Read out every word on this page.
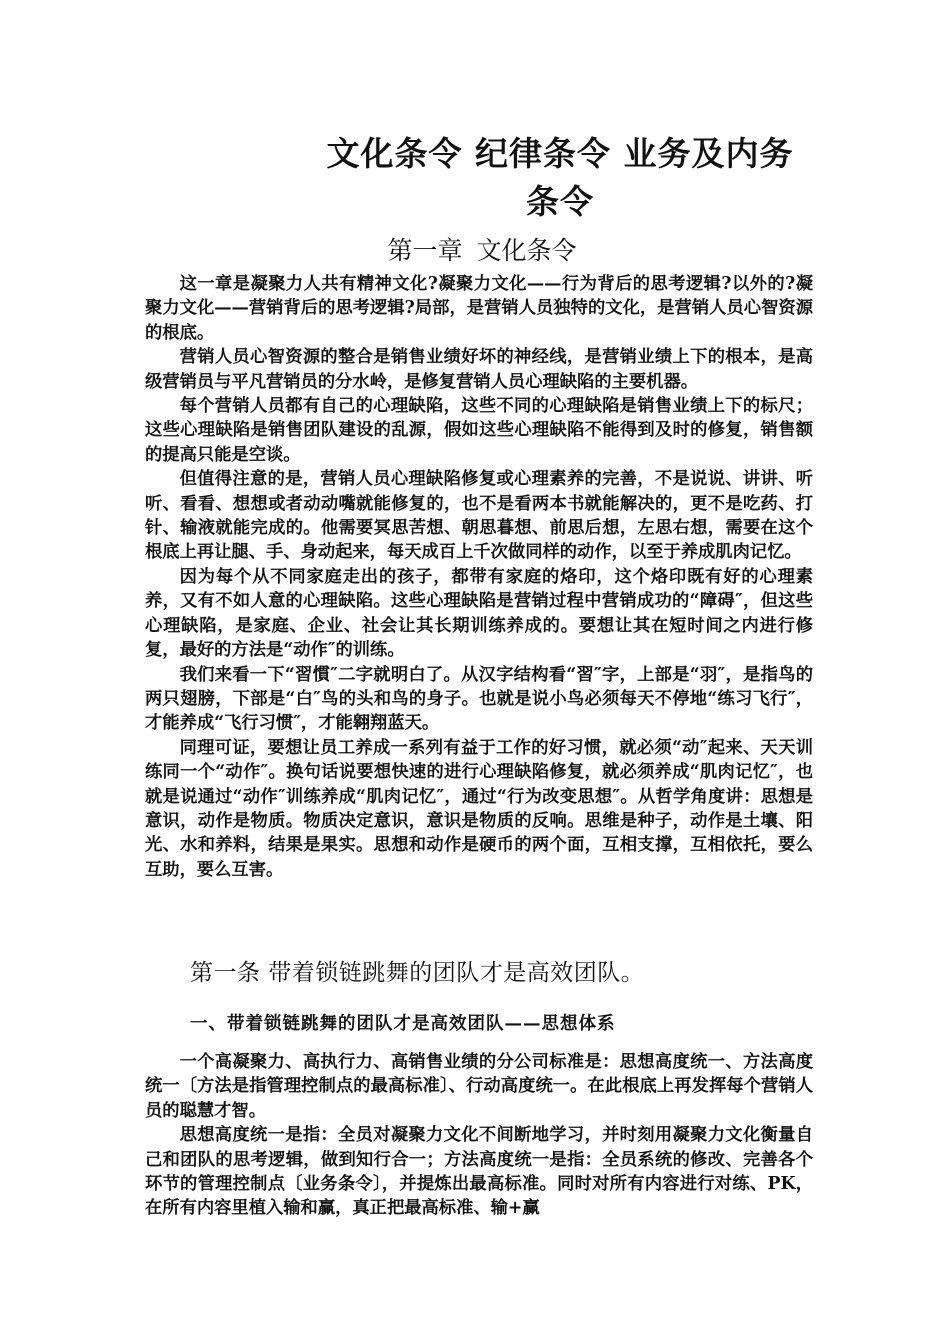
文化条令 纪律条令 业务及内务条令
第一章 文化条令

这一章是凝聚力人共有精神文化?凝聚力文化——行为背后的思考逻辑?以外的?凝聚力文化——营销背后的思考逻辑?局部，是营销人员独特的文化，是营销人员心智资源的根底。

营销人员心智资源的整合是销售业绩好坏的神经线，是营销业绩上下的根本，是高级营销员与平凡营销员的分水岭，是修复营销人员心理缺陷的主要机器。

每个营销人员都有自己的心理缺陷，这些不同的心理缺陷是销售业绩上下的标尺；这些心理缺陷是销售团队建设的乱源，假如这些心理缺陷不能得到及时的修复，销售额的提高只能是空谈。

但值得注意的是，营销人员心理缺陷修复或心理素养的完善，不是说说、讲讲、听听、看看、想想或者动动嘴就能修复的，也不是看两本书就能解决的，更不是吃药、打针、输液就能完成的。他需要冥思苦想、朝思暮想、前思后想，左思右想，需要在这个根底上再让腿、手、身动起来，每天成百上千次做同样的动作，以至于养成肌肉记忆。

因为每个从不同家庭走出的孩子，都带有家庭的烙印，这个烙印既有好的心理素养，又有不如人意的心理缺陷。这些心理缺陷是营销过程中营销成功的“障碍″，但这些心理缺陷，是家庭、企业、社会让其长期训练养成的。要想让其在短时间之内进行修复，最好的方法是“动作″的训练。

我们来看一下“習慣″二字就明白了。从汉字结构看“習″字，上部是“羽″，是指鸟的两只翅膀，下部是“白″鸟的头和鸟的身子。也就是说小鸟必须每天不停地“练习飞行″，才能养成“飞行习惯″，才能翱翔蓝天。

同理可证，要想让员工养成一系列有益于工作的好习惯，就必须“动″起来、天天训练同一个“动作″。换句话说要想快速的进行心理缺陷修复，就必须养成“肌肉记忆″，也就是说通过“动作″训练养成“肌肉记忆″，通过“行为改变思想″。从哲学角度讲：思想是意识，动作是物质。物质决定意识，意识是物质的反响。思维是种子，动作是土壤、阳光、水和养料，结果是果实。思想和动作是硬币的两个面，互相支撑，互相依托，要么互助，要么互害。

第一条 带着锁链跳舞的团队才是高效团队。
一、带着锁链跳舞的团队才是高效团队——思想体系

一个高凝聚力、高执行力、高销售业绩的分公司标准是：思想高度统一、方法高度统一〔方法是指管理控制点的最高标准〕、行动高度统一。在此根底上再发挥每个营销人员的聪慧才智。

思想高度统一是指：全员对凝聚力文化不间断地学习，并时刻用凝聚力文化衡量自己和团队的思考逻辑，做到知行合一；方法高度统一是指：全员系统的修改、完善各个环节的管理控制点〔业务条令〕，并提炼出最高标准。同时对所有内容进行对练、PK，在所有内容里植入输和赢，真正把最高标准、输+赢
